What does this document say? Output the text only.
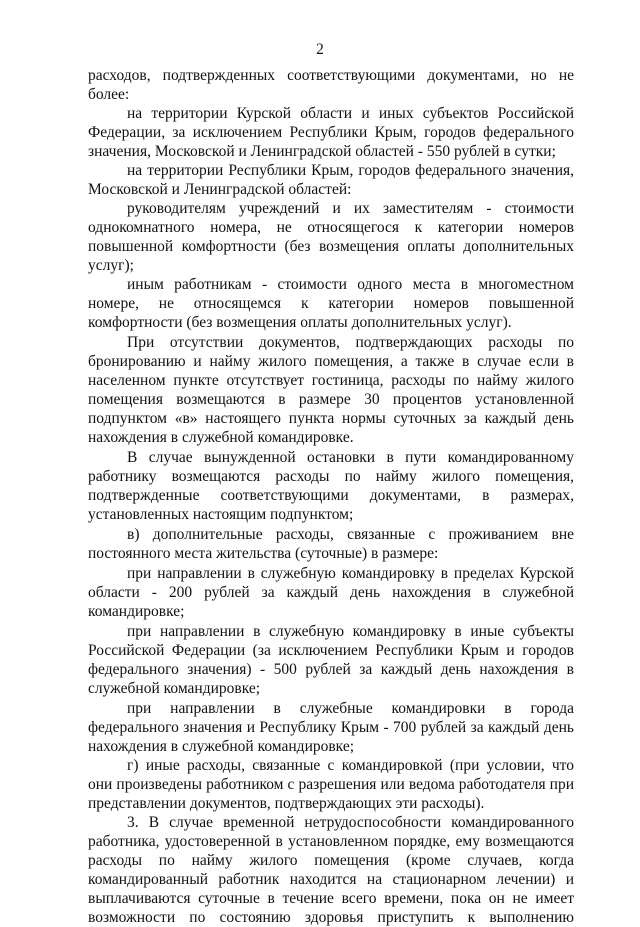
2

расходов, подтвержденных соответствующими документами, но не более:

на территории Курской области и иных субъектов Российской Федерации, за исключением Республики Крым, городов федерального значения, Московской и Ленинградской областей - 550 рублей в сутки;

на территории Республики Крым, городов федерального значения, Московской и Ленинградской областей:

руководителям учреждений и их заместителям - стоимости однокомнатного номера, не относящегося к категории номеров повышенной комфортности (без возмещения оплаты дополнительных услуг);

иным работникам - стоимости одного места в многоместном номере, не относящемся к категории номеров повышенной комфортности (без возмещения оплаты дополнительных услуг).

При отсутствии документов, подтверждающих расходы по бронированию и найму жилого помещения, а также в случае если в населенном пункте отсутствует гостиница, расходы по найму жилого помещения возмещаются в размере 30 процентов установленной подпунктом «в» настоящего пункта нормы суточных за каждый день нахождения в служебной командировке.

В случае вынужденной остановки в пути командированному работнику возмещаются расходы по найму жилого помещения, подтвержденные соответствующими документами, в размерах, установленных настоящим подпунктом;

в) дополнительные расходы, связанные с проживанием вне постоянного места жительства (суточные) в размере:

при направлении в служебную командировку в пределах Курской области - 200 рублей за каждый день нахождения в служебной командировке;

при направлении в служебную командировку в иные субъекты Российской Федерации (за исключением Республики Крым и городов федерального значения) - 500 рублей за каждый день нахождения в служебной командировке;

при направлении в служебные командировки в города федерального значения и Республику Крым - 700 рублей за каждый день нахождения в служебной командировке;

г) иные расходы, связанные с командировкой (при условии, что они произведены работником с разрешения или ведома работодателя при представлении документов, подтверждающих эти расходы).

3. В случае временной нетрудоспособности командированного работника, удостоверенной в установленном порядке, ему возмещаются расходы по найму жилого помещения (кроме случаев, когда командированный работник находится на стационарном лечении) и выплачиваются суточные в течение всего времени, пока он не имеет возможности по состоянию здоровья приступить к выполнению
